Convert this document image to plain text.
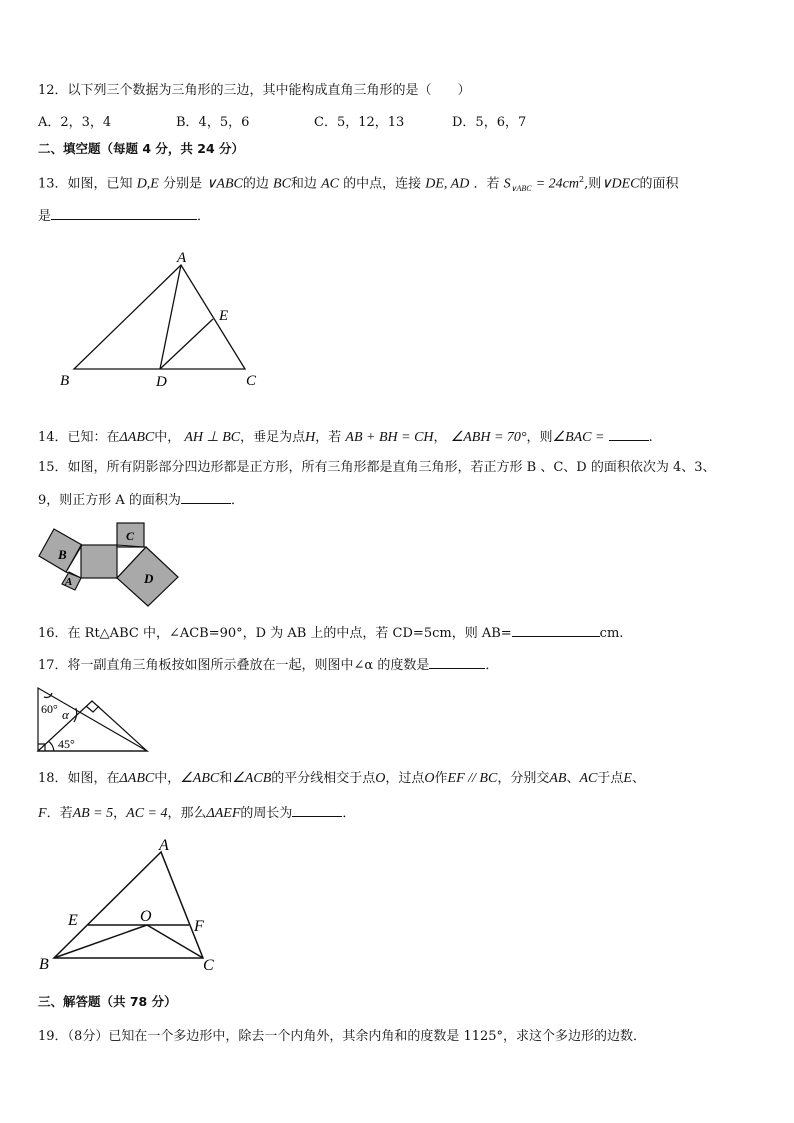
12．以下列三个数据为三角形的三边，其中能构成直角三角形的是（　　）
A．2，3，4	B．4，5，6	C．5，12，13	D．5，6，7
二、填空题（每题 4 分，共 24 分）
13．如图，已知 D,E 分别是 ∨ABC的边 BC和边 AC 的中点，连接 DE, AD ．若 $S_{\vee ABC} = 24cm^2$,则∨DEC的面积
是	．
A
B	D	C
E
14．已知：在ΔABC中， AH ⊥ BC，垂足为点H，若 AB + BH = CH， ∠ABH = 70°，则∠BAC =	.
15．如图，所有阴影部分四边形都是正方形，所有三角形都是直角三角形，若正方形 B 、C、D 的面积依次为 4、3、
9，则正方形 A 的面积为	．
B
A
C
D
16．在 Rt△ABC 中，∠ACB=90°，D 为 AB 上的中点，若 CD=5cm，则 AB=	cm.
17．将一副直角三角板按如图所示叠放在一起，则图中∠α 的度数是	．
60° α
45°
18．如图，在ΔABC中，∠ABC和∠ACB的平分线相交于点O，过点O作EF // BC，分别交AB、AC于点E、
F．若AB = 5，AC = 4，那么ΔAEF的周长为	．
A
E	O
F
B	C
三、解答题（共 78 分）
19．（8分）已知在一个多边形中，除去一个内角外，其余内角和的度数是 1125°，求这个多边形的边数．
